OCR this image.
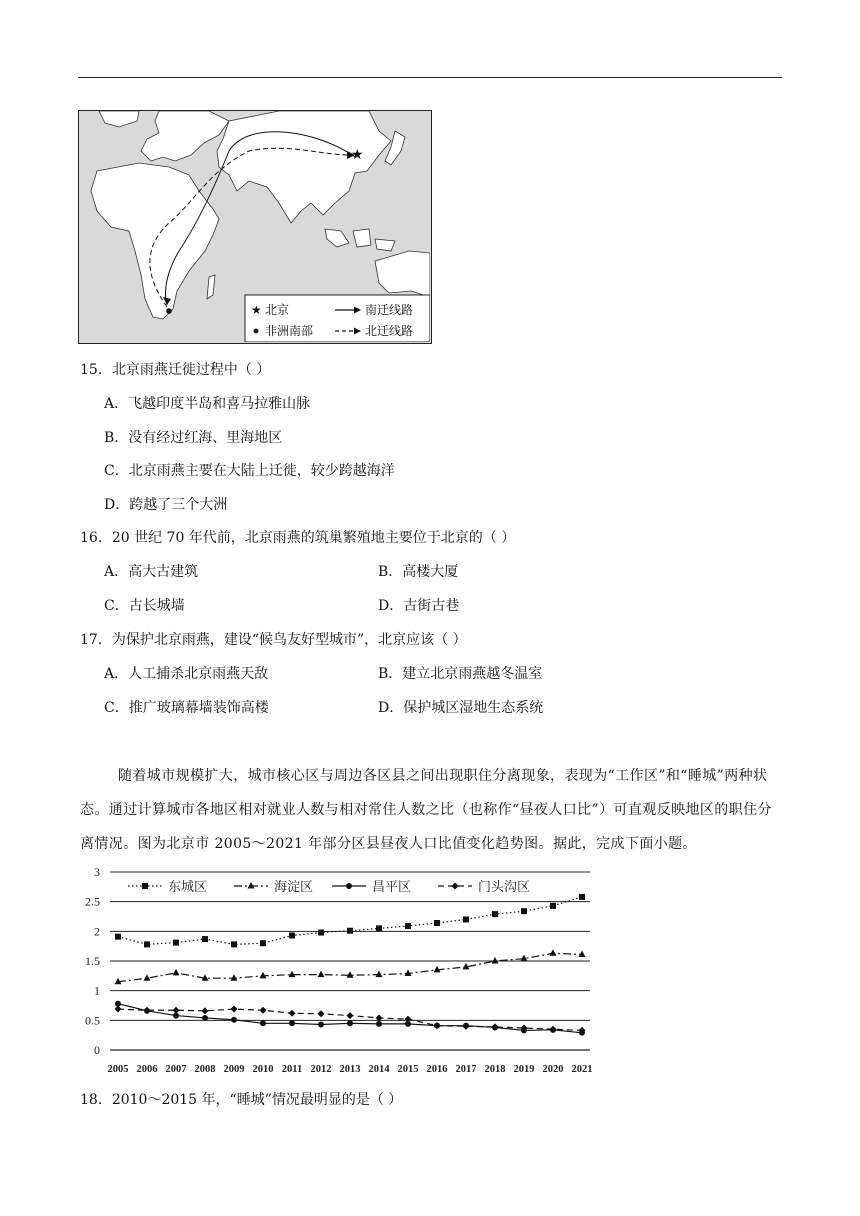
★
★ 北京
非洲南部
南迁线路
北迁线路
15．北京雨燕迁徙过程中（ ）
A．飞越印度半岛和喜马拉雅山脉
B．没有经过红海、里海地区
C．北京雨燕主要在大陆上迁徙，较少跨越海洋
D．跨越了三个大洲
16．20 世纪 70 年代前，北京雨燕的筑巢繁殖地主要位于北京的（ ）
A．高大古建筑	B．高楼大厦
C．古长城墙	D．古街古巷
17．为保护北京雨燕，建设“候鸟友好型城市”，北京应该（ ）
A．人工捕杀北京雨燕天敌	B．建立北京雨燕越冬温室
C．推广玻璃幕墙装饰高楼	D．保护城区湿地生态系统
随着城市规模扩大，城市核心区与周边各区县之间出现职住分离现象，表现为“工作区”和“睡城”两种状态。通过计算城市各地区相对就业人数与相对常住人数之比（也称作“昼夜人口比”）可直观反映地区的职住分离情况。图为北京市 2005～2021 年部分区县昼夜人口比值变化趋势图。据此，完成下面小题。
0
0.5
1
1.5
2
2.5
3
2005 2006 2007 2008 2009 2010 2011 2012 2013 2014 2015 2016 2017 2018 2019 2020 2021
东城区	海淀区	昌平区	门头沟区
18．2010～2015 年，“睡城”情况最明显的是（ ）
